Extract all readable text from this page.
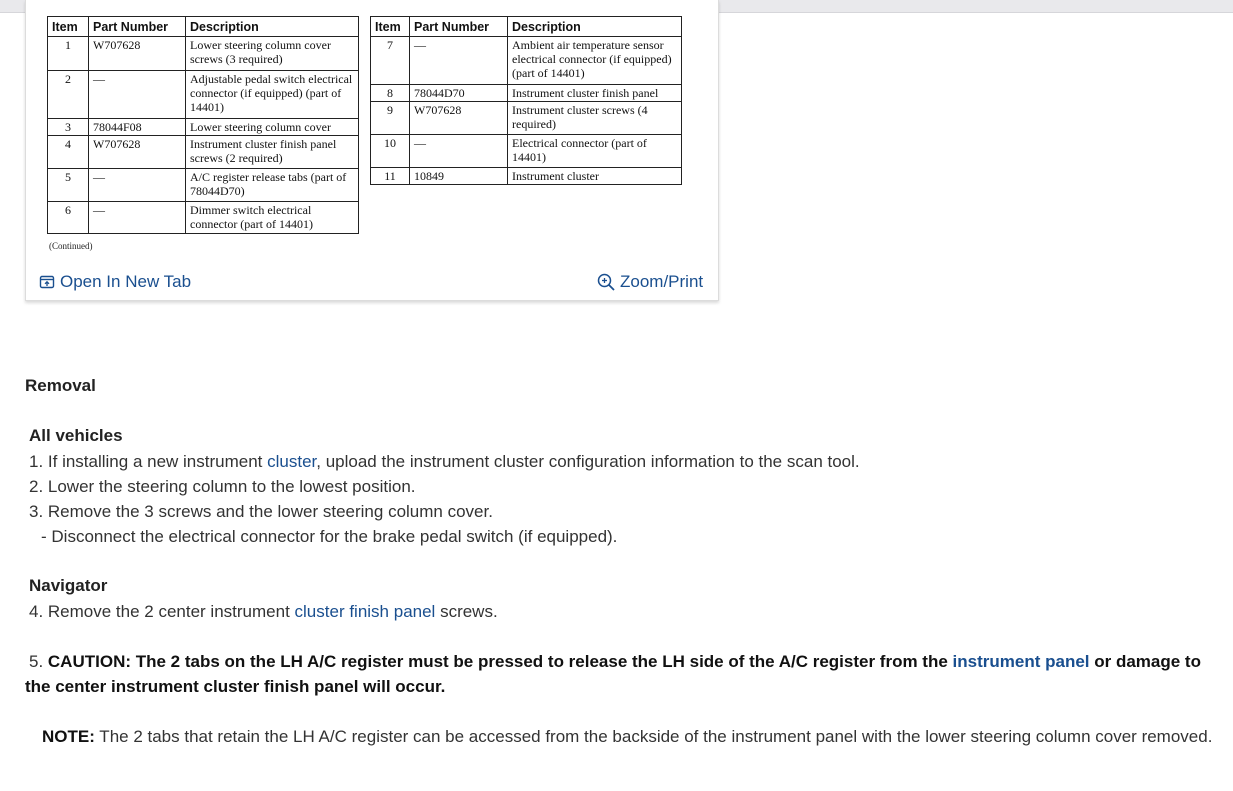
Item	Part Number	Description
1	W707628	Lower steering column cover screws (3 required)
2	—	Adjustable pedal switch electrical connector (if equipped) (part of 14401)
3	78044F08	Lower steering column cover
4	W707628	Instrument cluster finish panel screws (2 required)
5	—	A/C register release tabs (part of 78044D70)
6	—	Dimmer switch electrical connector (part of 14401)
Item	Part Number	Description
7	—	Ambient air temperature sensor electrical connector (if equipped) (part of 14401)
8	78044D70	Instrument cluster finish panel
9	W707628	Instrument cluster screws (4 required)
10	—	Electrical connector (part of 14401)
11	10849	Instrument cluster
(Continued)
Open In New Tab	Zoom/Print
Removal
All vehicles
1. If installing a new instrument cluster, upload the instrument cluster configuration information to the scan tool.
2. Lower the steering column to the lowest position.
3. Remove the 3 screws and the lower steering column cover.
- Disconnect the electrical connector for the brake pedal switch (if equipped).
Navigator
4. Remove the 2 center instrument cluster finish panel screws.
5. CAUTION: The 2 tabs on the LH A/C register must be pressed to release the LH side of the A/C register from the instrument panel or damage to the center instrument cluster finish panel will occur.
NOTE: The 2 tabs that retain the LH A/C register can be accessed from the backside of the instrument panel with the lower steering column cover removed.
